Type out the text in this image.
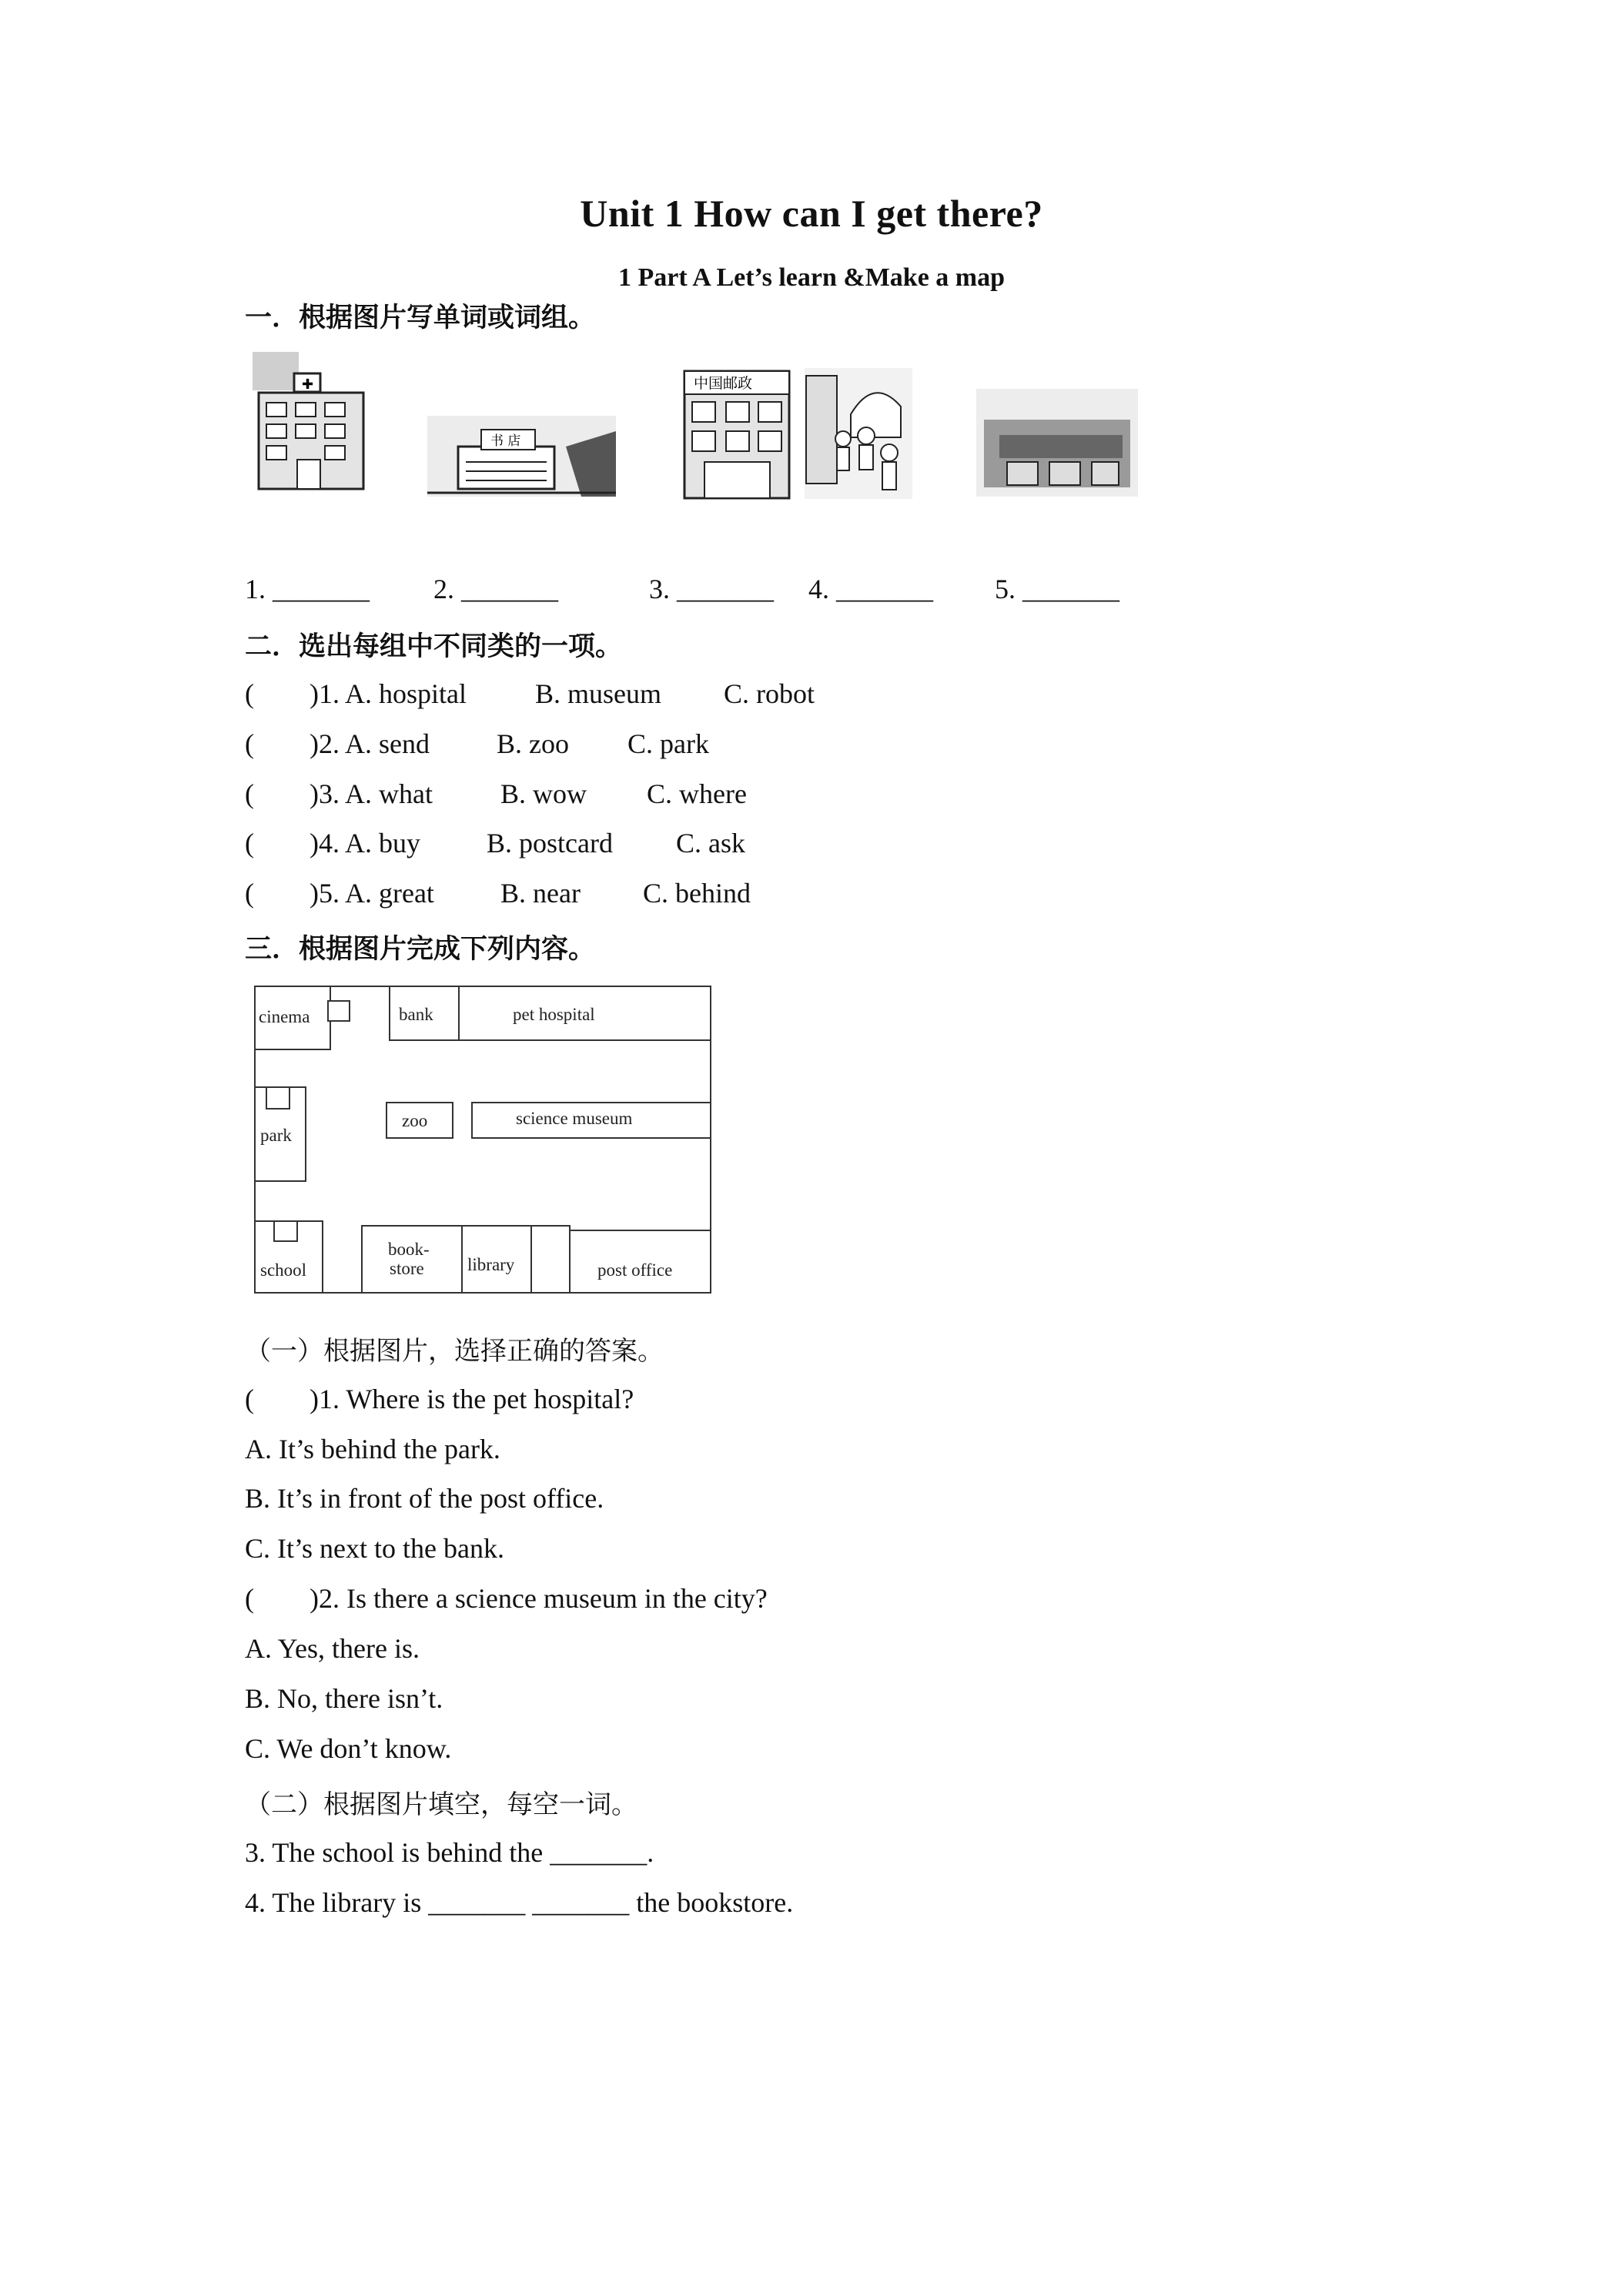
Unit 1 How can I get there?
1 Part A Let’s learn &Make a map
一．根据图片写单词或词组。
✚
书 店
中国邮政
1. _______ 2. _______	3. _______ 4. _______ 5. _______
二．选出每组中不同类的一项。
(        )1. A. hospital B. museum C. robot
(        )2. A. send B. zoo C. park
(        )3. A. what B. wow C. where
(        )4. A. buy B. postcard C. ask
(        )5. A. great B. near C. behind
三．根据图片完成下列内容。
cinema	bank	pet hospital
park
zoo	science museum
school
book-
store library	post office
（一）根据图片，选择正确的答案。
(        )1. Where is the pet hospital?
A. It’s behind the park.
B. It’s in front of the post office.
C. It’s next to the bank.
(        )2. Is there a science museum in the city?
A. Yes, there is.
B. No, there isn’t.
C. We don’t know.
（二）根据图片填空，每空一词。
3. The school is behind the _______.
4. The library is _______ _______ the bookstore.
